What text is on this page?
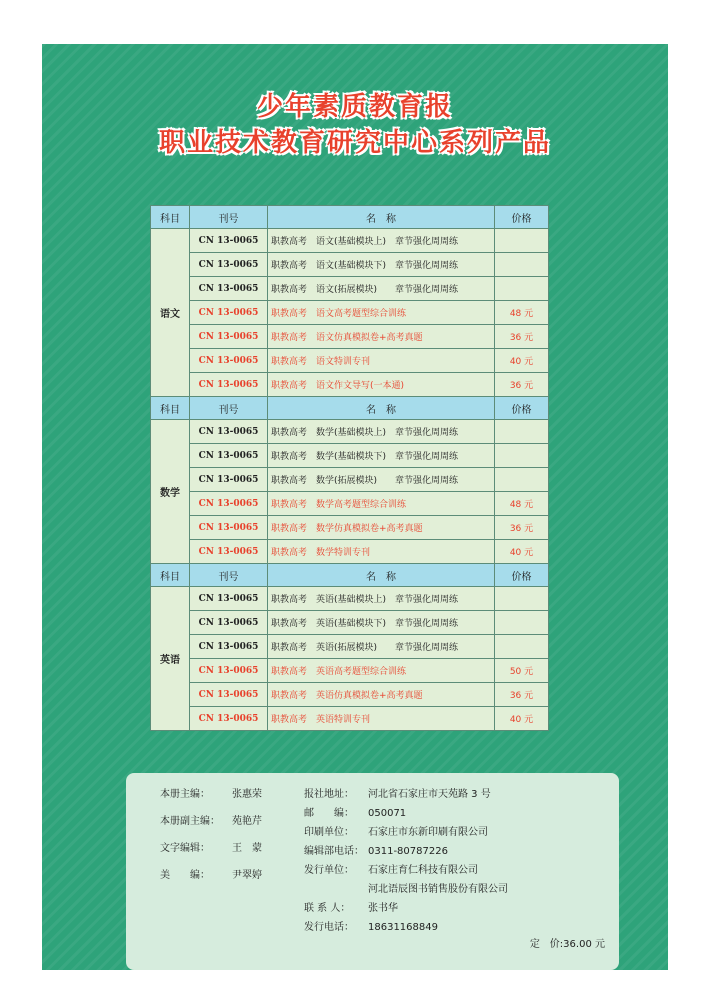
少年素质教育报
职业技术教育研究中心系列产品
科目	刊号	名　称	价格
语文	CN 13-0065	职教高考　语文(基础模块上)　章节强化周周练	
	CN 13-0065	职教高考　语文(基础模块下)　章节强化周周练	
	CN 13-0065	职教高考　语文(拓展模块)　　章节强化周周练	
	CN 13-0065	职教高考　语文高考题型综合训练	48 元
	CN 13-0065	职教高考　语文仿真模拟卷+高考真题	36 元
	CN 13-0065	职教高考　语文特训专刊	40 元
	CN 13-0065	职教高考　语文作文导写(一本通)	36 元
科目	刊号	名　称	价格
数学	CN 13-0065	职教高考　数学(基础模块上)　章节强化周周练	
	CN 13-0065	职教高考　数学(基础模块下)　章节强化周周练	
	CN 13-0065	职教高考　数学(拓展模块)　　章节强化周周练	
	CN 13-0065	职教高考　数学高考题型综合训练	48 元
	CN 13-0065	职教高考　数学仿真模拟卷+高考真题	36 元
	CN 13-0065	职教高考　数学特训专刊	40 元
科目	刊号	名　称	价格
英语	CN 13-0065	职教高考　英语(基础模块上)　章节强化周周练	
	CN 13-0065	职教高考　英语(基础模块下)　章节强化周周练	
	CN 13-0065	职教高考　英语(拓展模块)　　章节强化周周练	
	CN 13-0065	职教高考　英语高考题型综合训练	50 元
	CN 13-0065	职教高考　英语仿真模拟卷+高考真题	36 元
	CN 13-0065	职教高考　英语特训专刊	40 元
本册主编： 张惠荣
本册副主编： 苑艳芹
文字编辑： 王　蒙
美　　编： 尹翠婷
报社地址： 河北省石家庄市天苑路 3 号
邮　　编： 050071
印刷单位： 石家庄市东新印刷有限公司
编辑部电话： 0311-80787226
发行单位： 石家庄育仁科技有限公司
河北语辰图书销售股份有限公司
联 系 人： 张书华
发行电话： 18631168849
定　价:36.00 元
